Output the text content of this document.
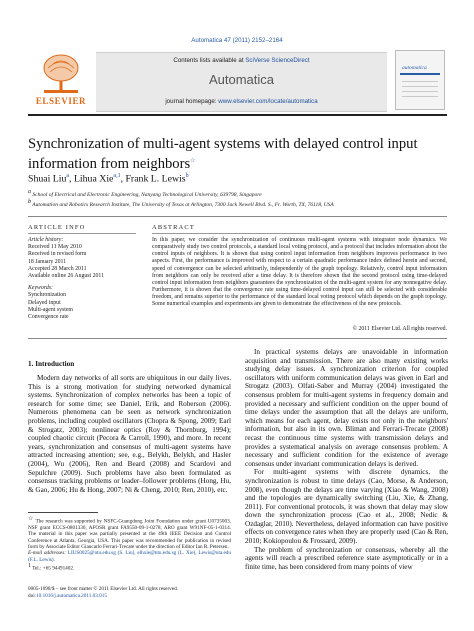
Automatica 47 (2011) 2152–2164
ELSEVIER
Contents lists available at SciVerse ScienceDirect
Automatica
journal homepage: www.elsevier.com/locate/automatica
automatica
Synchronization of multi-agent systems with delayed control input information from neighbors☆
Shuai Liu$^a$, Lihua Xie$^{a,1}$, Frank L. Lewis$^b$
a School of Electrical and Electronic Engineering, Nanyang Technological University, 639798, Singapore
b Automation and Robotics Research Institute, The University of Texas at Arlington, 7300 Jack Newell Blvd. S., Ft. Worth, TX, 76118, USA
ARTICLE INFO
Article history:
Received 11 May 2010
Received in revised form
18 January 2011
Accepted 28 March 2011
Available online 26 August 2011
Keywords:
Synchronization
Delayed input
Multi-agent system
Convergence rate
ABSTRACT
In this paper, we consider the synchronization of continuous multi-agent systems with integrator node dynamics. We comparatively study two control protocols, a standard local voting protocol, and a protocol that includes information about the control inputs of neighbors. It is shown that using control input information from neighbors improves performance in two aspects. First, the performance is improved with respect to a certain quadratic performance index defined herein and second, speed of convergence can be selected arbitrarily, independently of the graph topology. Relatively, control input information from neighbors can only be received after a time delay. It is therefore shown that the second protocol using time-delayed control input information from neighbors guarantees the synchronization of the multi-agent system for any nonnegative delay. Furthermore, it is shown that the convergence rate using time-delayed control input can still be selected with considerable freedom, and remains superior to the performance of the standard local voting protocol which depends on the graph topology. Some numerical examples and experiments are given to demonstrate the effectiveness of the new protocols.
© 2011 Elsevier Ltd. All rights reserved.
1. Introduction

Modern day networks of all sorts are ubiquitous in our daily lives. This is a strong motivation for studying networked dynamical systems. Synchronization of complex networks has been a topic of research for some time; see Daniel, Erik, and Roberson (2006). Numerous phenomena can be seen as network synchronization problems, including coupled oscillators (Chopra & Spong, 2009; Earl & Strogatz, 2003); nonlinear optics (Roy & Thornburg, 1994); coupled chaotic circuit (Pecora & Carroll, 1990), and more. In recent years, synchronization and consensus of multi-agent systems have attracted increasing attention; see, e.g., Belykh, Belykh, and Hasler (2004), Wu (2006), Ren and Beard (2008) and Scardovi and Sepulchre (2009). Such problems have also been formulated as consensus tracking problems or leader–follower problems (Hong, Hu, & Gao, 2006; Hu & Hong, 2007; Ni & Cheng, 2010; Ren, 2010), etc.

In practical systems delays are unavoidable in information acquisition and transmission. There are also many existing works studying delay issues. A synchronization criterion for coupled oscillators with uniform communication delays was given in Earl and Strogatz (2003). Olfati-Saber and Murray (2004) investigated the consensus problem for multi-agent systems in frequency domain and provided a necessary and sufficient condition on the upper bound of time delays under the assumption that all the delays are uniform, which means for each agent, delay exists not only in the neighbors' information, but also in its own. Bliman and Ferrari-Trecate (2008) recast the continuous time systems with transmission delays and provides a systematical analysis on average consensus problem. A necessary and sufficient condition for the existence of average consensus under invariant communication delays is derived.

For multi-agent systems with discrete dynamics, the synchronization is robust to time delays (Cao, Morse, & Anderson, 2008), even though the delays are time varying (Xiao & Wang, 2008) and the topologies are dynamically switching (Liu, Xie, & Zhang, 2011). For conventional protocols, it was shown that delay may slow down the synchronization process (Cao et al., 2008; Nedic & Ozdaglar, 2010). Nevertheless, delayed information can have positive effects on convergence rates when they are properly used (Cao & Ren, 2010; Kokiopoulou & Frossard, 2009).

The problem of synchronization or consensus, whereby all the agents will reach a prescribed reference state asymptotically or in a finite time, has been considered from many points of view

☆ The research was supported by NSFC-Guangdong Joint Foundation under grant U0735003, NSF grant ECCS-0801330, AFOSR grant FA9550-09-1-0278, ARO grant W91NF-05-1-0314. The material in this paper was partially presented at the 49th IEEE Decision and Control Conference at Atlanta, Georgia, USA. This paper was recommended for publication in revised form by Associate Editor Giancarlo Ferrari-Trecate under the direction of Editor Ian R. Petersen.
E-mail addresses: LIUS0025@ntu.edu.sg (S. Liu), elhxie@ntu.edu.sg (L. Xie), Lewis@uta.edu (F.L. Lewis).
1 Tel.: +65 94491402.
0005-1098/$ – see front matter © 2011 Elsevier Ltd. All rights reserved.
doi:10.1016/j.automatica.2011.03.015
